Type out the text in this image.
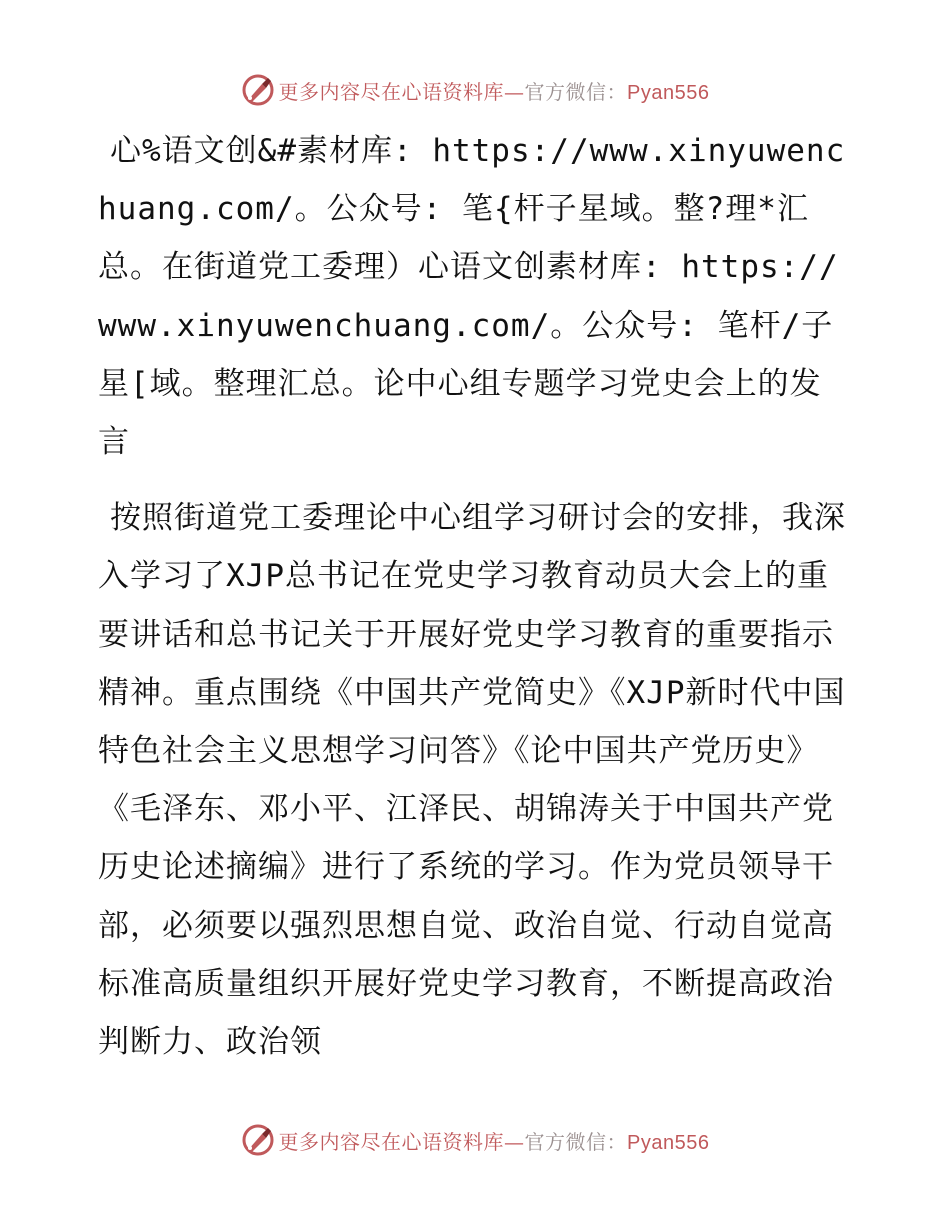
更多内容尽在心语资料库—官方微信：Pyan556

心%语文创&#素材库: https://www.xinyuwenchuang.com/。公众号: 笔{杆子星域。整?理*汇总。在街道党工委理）心语文创素材库: https://www.xinyuwenchuang.com/。公众号: 笔杆/子星[域。整理汇总。论中心组专题学习党史会上的发言

按照街道党工委理论中心组学习研讨会的安排，我深入学习了XJP总书记在党史学习教育动员大会上的重要讲话和总书记关于开展好党史学习教育的重要指示精神。重点围绕《中国共产党简史》《XJP新时代中国特色社会主义思想学习问答》《论中国共产党历史》《毛泽东、邓小平、江泽民、胡锦涛关于中国共产党历史论述摘编》进行了系统的学习。作为党员领导干部，必须要以强烈思想自觉、政治自觉、行动自觉高标准高质量组织开展好党史学习教育，不断提高政治判断力、政治领

更多内容尽在心语资料库—官方微信：Pyan556
